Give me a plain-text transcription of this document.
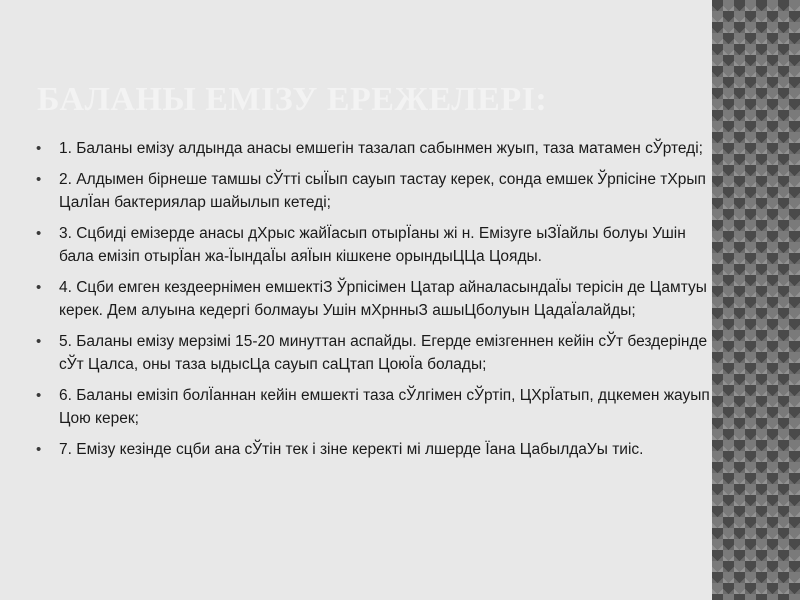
БАЛАНЫ ЕМІЗУ ЕРЕЖЕЛЕРІ:
•	1. Баланы емізу алдында анасы емшегін тазалап сабынмен жуып, таза матамен сЎртеді;
•	2. Алдымен бірнеше тамшы сЎтті сыЇып сауып тастау керек, сонда емшек Ўрпісіне тХрып ЦалЇан бактериялар шайылып кетеді;
•	3. Сцбиді емізерде анасы дХрыс жайЇасып отырЇаны жі н. Емізуге ыЗЇайлы болуы Ушін бала емізіп отырЇан жа-ЇындаЇы аяЇын кішкене орындыЦЦа Цояды.
•	4. Сцби емген кездеернімен емшектіЗ Ўрпісімен Цатар айналасындаЇы терісін де Цамтуы керек. Дем алуына кедергі болмауы Ушін мХрнныЗ ашыЦболуын ЦадаЇалайды;
•	5. Баланы емізу мерзімі 15-20 минуттан аспайды. Егерде емізгеннен кейін сЎт бездерінде сЎт Цалса, оны таза ыдысЦа сауып саЦтап ЦоюЇа болады;
•	6. Баланы емізіп болЇаннан кейін емшекті таза сЎлгімен сЎртіп, ЦХрЇатып, дцкемен жауып Цою керек;
•	7. Емізу кезінде сцби ана сЎтін тек і зіне керекті мі лшерде Їана ЦабылдаУы тиіс.
